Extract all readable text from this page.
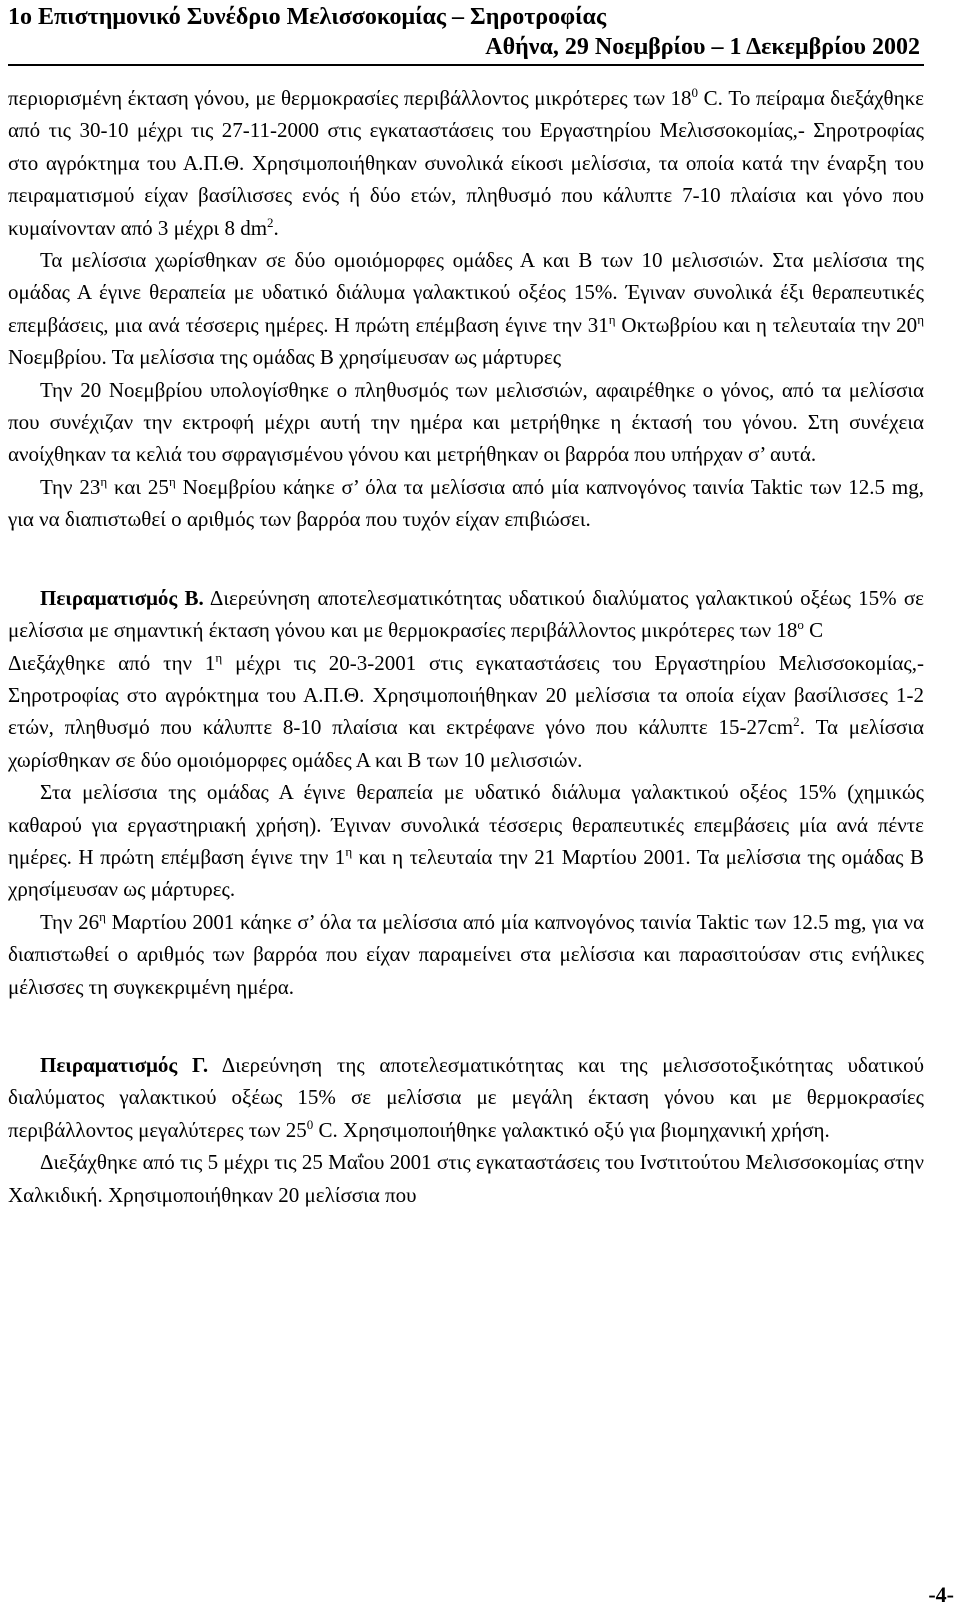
1ο Επιστημονικό Συνέδριο Μελισσοκομίας – Σηροτροφίας
Αθήνα, 29 Νοεμβρίου – 1 Δεκεμβρίου 2002

περιορισμένη έκταση γόνου, με θερμοκρασίες περιβάλλοντος μικρότερες των $18^0$ C. Το πείραμα διεξάχθηκε από τις 30-10 μέχρι τις 27-11-2000 στις εγκαταστάσεις του Εργαστηρίου Μελισσοκομίας,- Σηροτροφίας στο αγρόκτημα του Α.Π.Θ. Χρησιμοποιήθηκαν συνολικά είκοσι μελίσσια, τα οποία κατά την έναρξη του πειραματισμού είχαν βασίλισσες ενός ή δύο ετών, πληθυσμό που κάλυπτε 7-10 πλαίσια και γόνο που κυμαίνονταν από 3 μέχρι 8 $dm^2$.

Τα μελίσσια χωρίσθηκαν σε δύο ομοιόμορφες ομάδες Α και Β των 10 μελισσιών. Στα μελίσσια της ομάδας Α έγινε θεραπεία με υδατικό διάλυμα γαλακτικού οξέος 15%. Έγιναν συνολικά έξι θεραπευτικές επεμβάσεις, μια ανά τέσσερις ημέρες. Η πρώτη επέμβαση έγινε την $31^\eta$ Οκτωβρίου και η τελευταία την $20^\eta$ Νοεμβρίου. Τα μελίσσια της ομάδας Β χρησίμευσαν ως μάρτυρες

Την 20 Νοεμβρίου υπολογίσθηκε ο πληθυσμός των μελισσιών, αφαιρέθηκε ο γόνος, από τα μελίσσια που συνέχιζαν την εκτροφή μέχρι αυτή την ημέρα και μετρήθηκε η έκτασή του γόνου. Στη συνέχεια ανοίχθηκαν τα κελιά του σφραγισμένου γόνου και μετρήθηκαν οι βαρρόα που υπήρχαν σ’ αυτά.

Την $23^\eta$ και $25^\eta$ Νοεμβρίου κάηκε σ’ όλα τα μελίσσια από μία καπνογόνος ταινία Taktic των 12.5 mg, για να διαπιστωθεί ο αριθμός των βαρρόα που τυχόν είχαν επιβιώσει.

Πειραματισμός Β. Διερεύνηση αποτελεσματικότητας υδατικού διαλύματος γαλακτικού οξέως 15% σε μελίσσια με σημαντική έκταση γόνου και με θερμοκρασίες περιβάλλοντος μικρότερες των $18^o$ C

Διεξάχθηκε από την $1^\eta$ μέχρι τις 20-3-2001 στις εγκαταστάσεις του Εργαστηρίου Μελισσοκομίας,- Σηροτροφίας στο αγρόκτημα του Α.Π.Θ. Χρησιμοποιήθηκαν 20 μελίσσια τα οποία είχαν βασίλισσες 1-2 ετών, πληθυσμό που κάλυπτε 8-10 πλαίσια και εκτρέφανε γόνο που κάλυπτε $15-27cm^2$. Τα μελίσσια χωρίσθηκαν σε δύο ομοιόμορφες ομάδες Α και Β των 10 μελισσιών.

Στα μελίσσια της ομάδας Α έγινε θεραπεία με υδατικό διάλυμα γαλακτικού οξέος 15% (χημικώς καθαρού για εργαστηριακή χρήση). Έγιναν συνολικά τέσσερις θεραπευτικές επεμβάσεις μία ανά πέντε ημέρες. Η πρώτη επέμβαση έγινε την $1^\eta$ και η τελευταία την 21 Μαρτίου 2001. Τα μελίσσια της ομάδας Β χρησίμευσαν ως μάρτυρες.

Την $26^\eta$ Μαρτίου 2001 κάηκε σ’ όλα τα μελίσσια από μία καπνογόνος ταινία Taktic των 12.5 mg, για να διαπιστωθεί ο αριθμός των βαρρόα που είχαν παραμείνει στα μελίσσια και παρασιτούσαν στις ενήλικες μέλισσες τη συγκεκριμένη ημέρα.

Πειραματισμός Γ. Διερεύνηση της αποτελεσματικότητας και της μελισσοτοξικότητας υδατικού διαλύματος γαλακτικού οξέως 15% σε μελίσσια με μεγάλη έκταση γόνου και με θερμοκρασίες περιβάλλοντος μεγαλύτερες των $25^0$ C. Χρησιμοποιήθηκε γαλακτικό οξύ για βιομηχανική χρήση.

Διεξάχθηκε από τις 5 μέχρι τις 25 Μαΐου 2001 στις εγκαταστάσεις του Ινστιτούτου Μελισσοκομίας στην Χαλκιδική. Χρησιμοποιήθηκαν 20 μελίσσια που

-4-
